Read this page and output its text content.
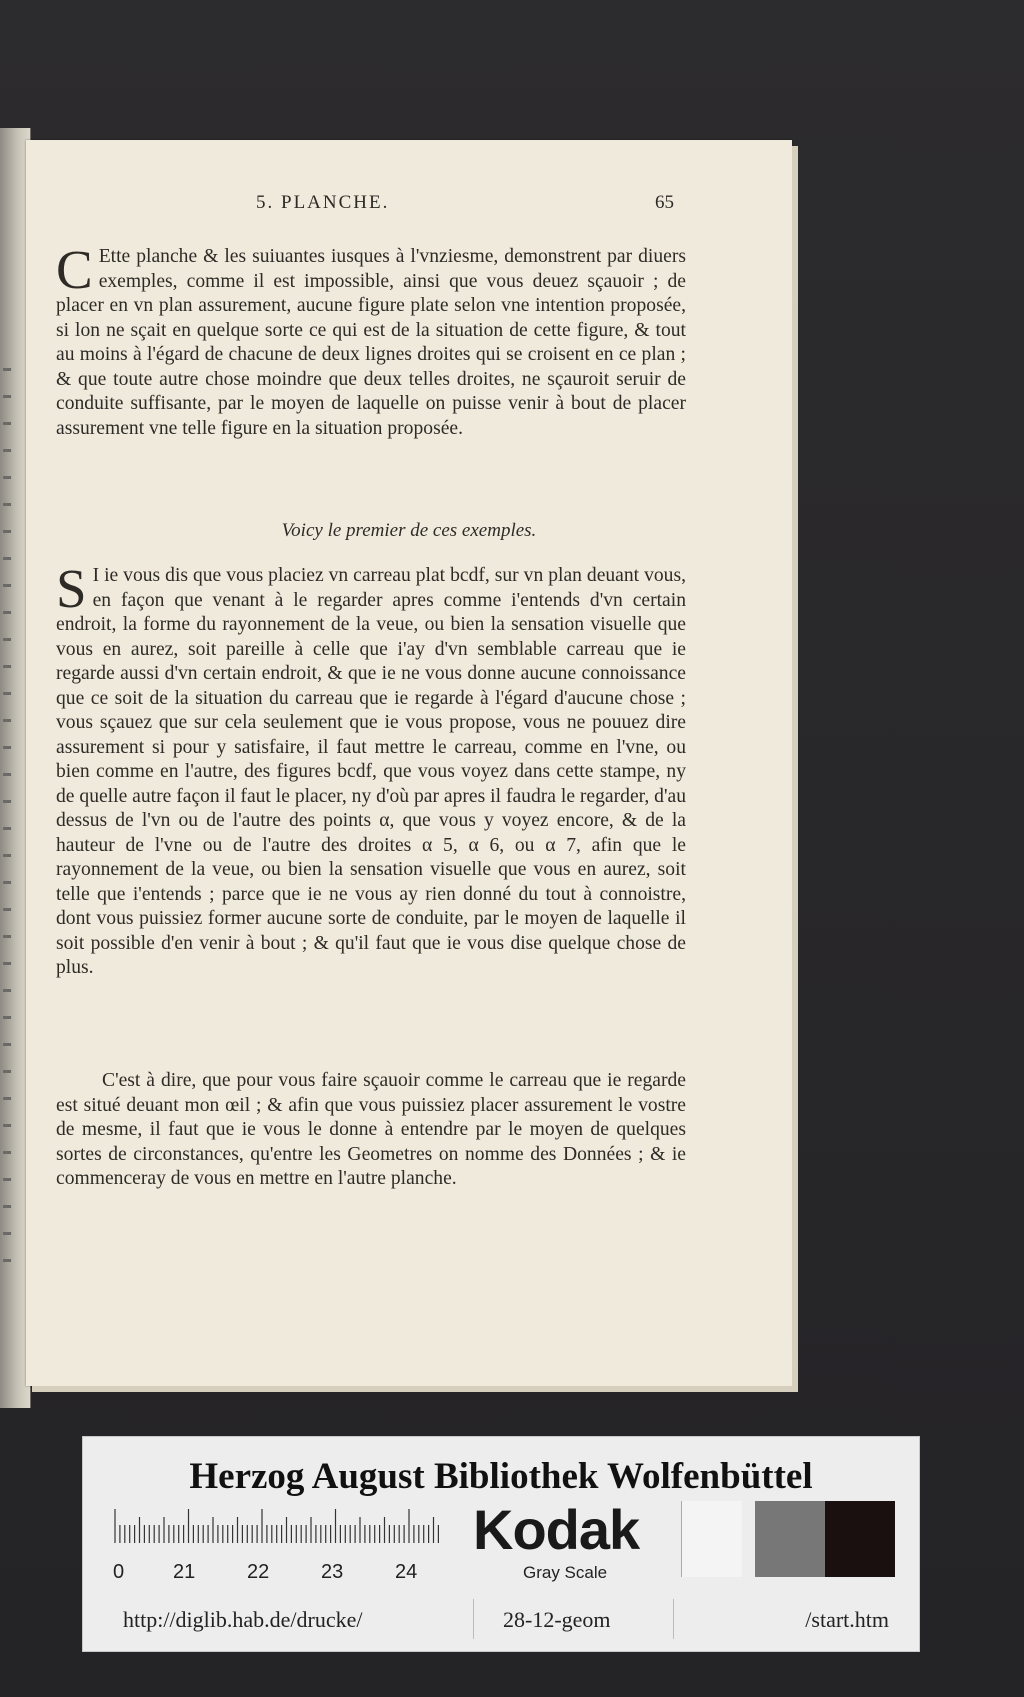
5. PLANCHE.	65

C Ette planche & les suiuantes iusques à l'vnziesme, demonstrent par diuers exemples, comme il est impossible, ainsi que vous deuez sçauoir ; de placer en vn plan assurement, aucune figure plate selon vne intention proposée, si lon ne sçait en quelque sorte ce qui est de la situation de cette figure, & tout au moins à l'égard de chacune de deux lignes droites qui se croisent en ce plan ; & que toute autre chose moindre que deux telles droites, ne sçauroit seruir de conduite suffisante, par le moyen de laquelle on puisse venir à bout de placer assurement vne telle figure en la situation proposée.

Voicy le premier de ces exemples.

S I ie vous dis que vous placiez vn carreau plat bcdf, sur vn plan deuant vous, en façon que venant à le regarder apres comme i'entends d'vn certain endroit, la forme du rayonnement de la veue, ou bien la sensation visuelle que vous en aurez, soit pareille à celle que i'ay d'vn semblable carreau que ie regarde aussi d'vn certain endroit, & que ie ne vous donne aucune connoissance que ce soit de la situation du carreau que ie regarde à l'égard d'aucune chose ; vous sçauez que sur cela seulement que ie vous propose, vous ne pouuez dire assurement si pour y satisfaire, il faut mettre le carreau, comme en l'vne, ou bien comme en l'autre, des figures bcdf, que vous voyez dans cette stampe, ny de quelle autre façon il faut le placer, ny d'où par apres il faudra le regarder, d'au dessus de l'vn ou de l'autre des points α, que vous y voyez encore, & de la hauteur de l'vne ou de l'autre des droites α 5, α 6, ou α 7, afin que le rayonnement de la veue, ou bien la sensation visuelle que vous en aurez, soit telle que i'entends ; parce que ie ne vous ay rien donné du tout à connoistre, dont vous puissiez former aucune sorte de conduite, par le moyen de laquelle il soit possible d'en venir à bout ; & qu'il faut que ie vous dise quelque chose de plus.

C'est à dire, que pour vous faire sçauoir comme le carreau que ie regarde est situé deuant mon œil ; & afin que vous puissiez placer assurement le vostre de mesme, il faut que ie vous le donne à entendre par le moyen de quelques sortes de circonstances, qu'entre les Geometres on nomme des Données ; & ie commenceray de vous en mettre en l'autre planche.

Herzog August Bibliothek Wolfenbüttel
0 21	22	23	24
Kodak
Gray Scale
http://diglib.hab.de/drucke/	28-12-geom	/start.htm
